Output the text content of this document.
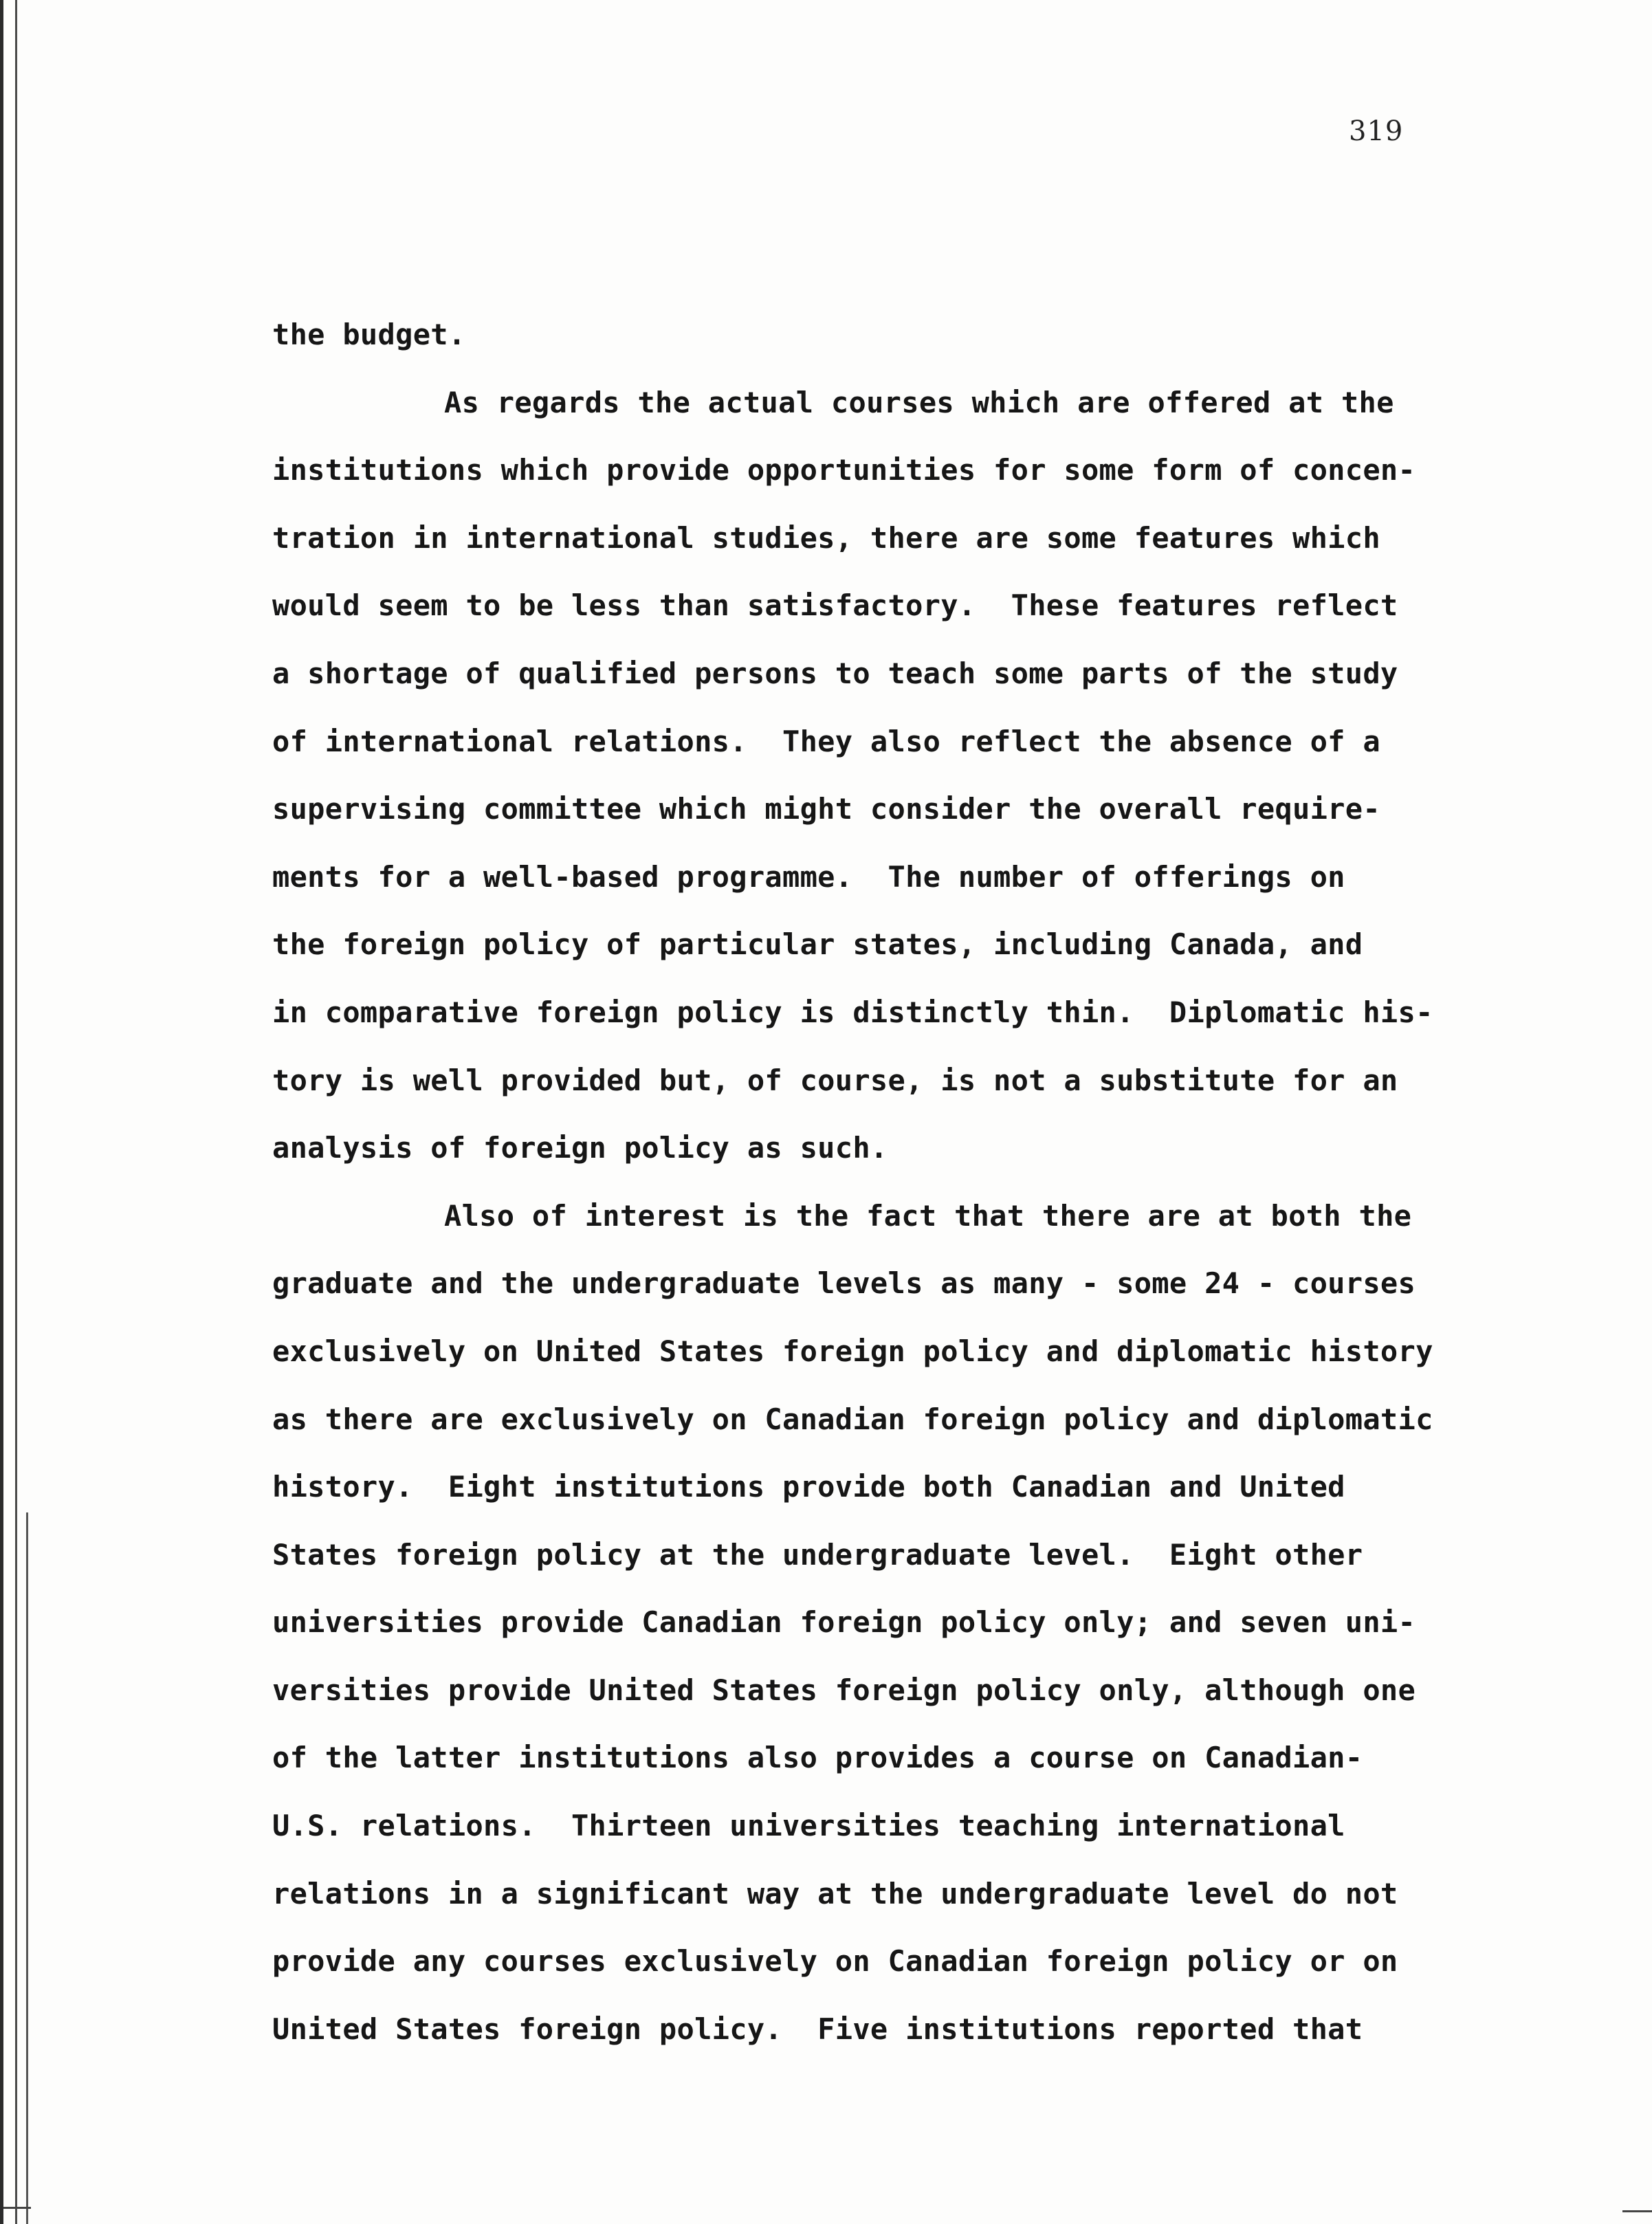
319
the budget.
As regards the actual courses which are offered at the
institutions which provide opportunities for some form of concen-
tration in international studies, there are some features which
would seem to be less than satisfactory.  These features reflect
a shortage of qualified persons to teach some parts of the study
of international relations.  They also reflect the absence of a
supervising committee which might consider the overall require-
ments for a well-based programme.  The number of offerings on
the foreign policy of particular states, including Canada, and
in comparative foreign policy is distinctly thin.  Diplomatic his-
tory is well provided but, of course, is not a substitute for an
analysis of foreign policy as such.
Also of interest is the fact that there are at both the
graduate and the undergraduate levels as many - some 24 - courses
exclusively on United States foreign policy and diplomatic history
as there are exclusively on Canadian foreign policy and diplomatic
history.  Eight institutions provide both Canadian and United
States foreign policy at the undergraduate level.  Eight other
universities provide Canadian foreign policy only; and seven uni-
versities provide United States foreign policy only, although one
of the latter institutions also provides a course on Canadian-
U.S. relations.  Thirteen universities teaching international
relations in a significant way at the undergraduate level do not
provide any courses exclusively on Canadian foreign policy or on
United States foreign policy.  Five institutions reported that
